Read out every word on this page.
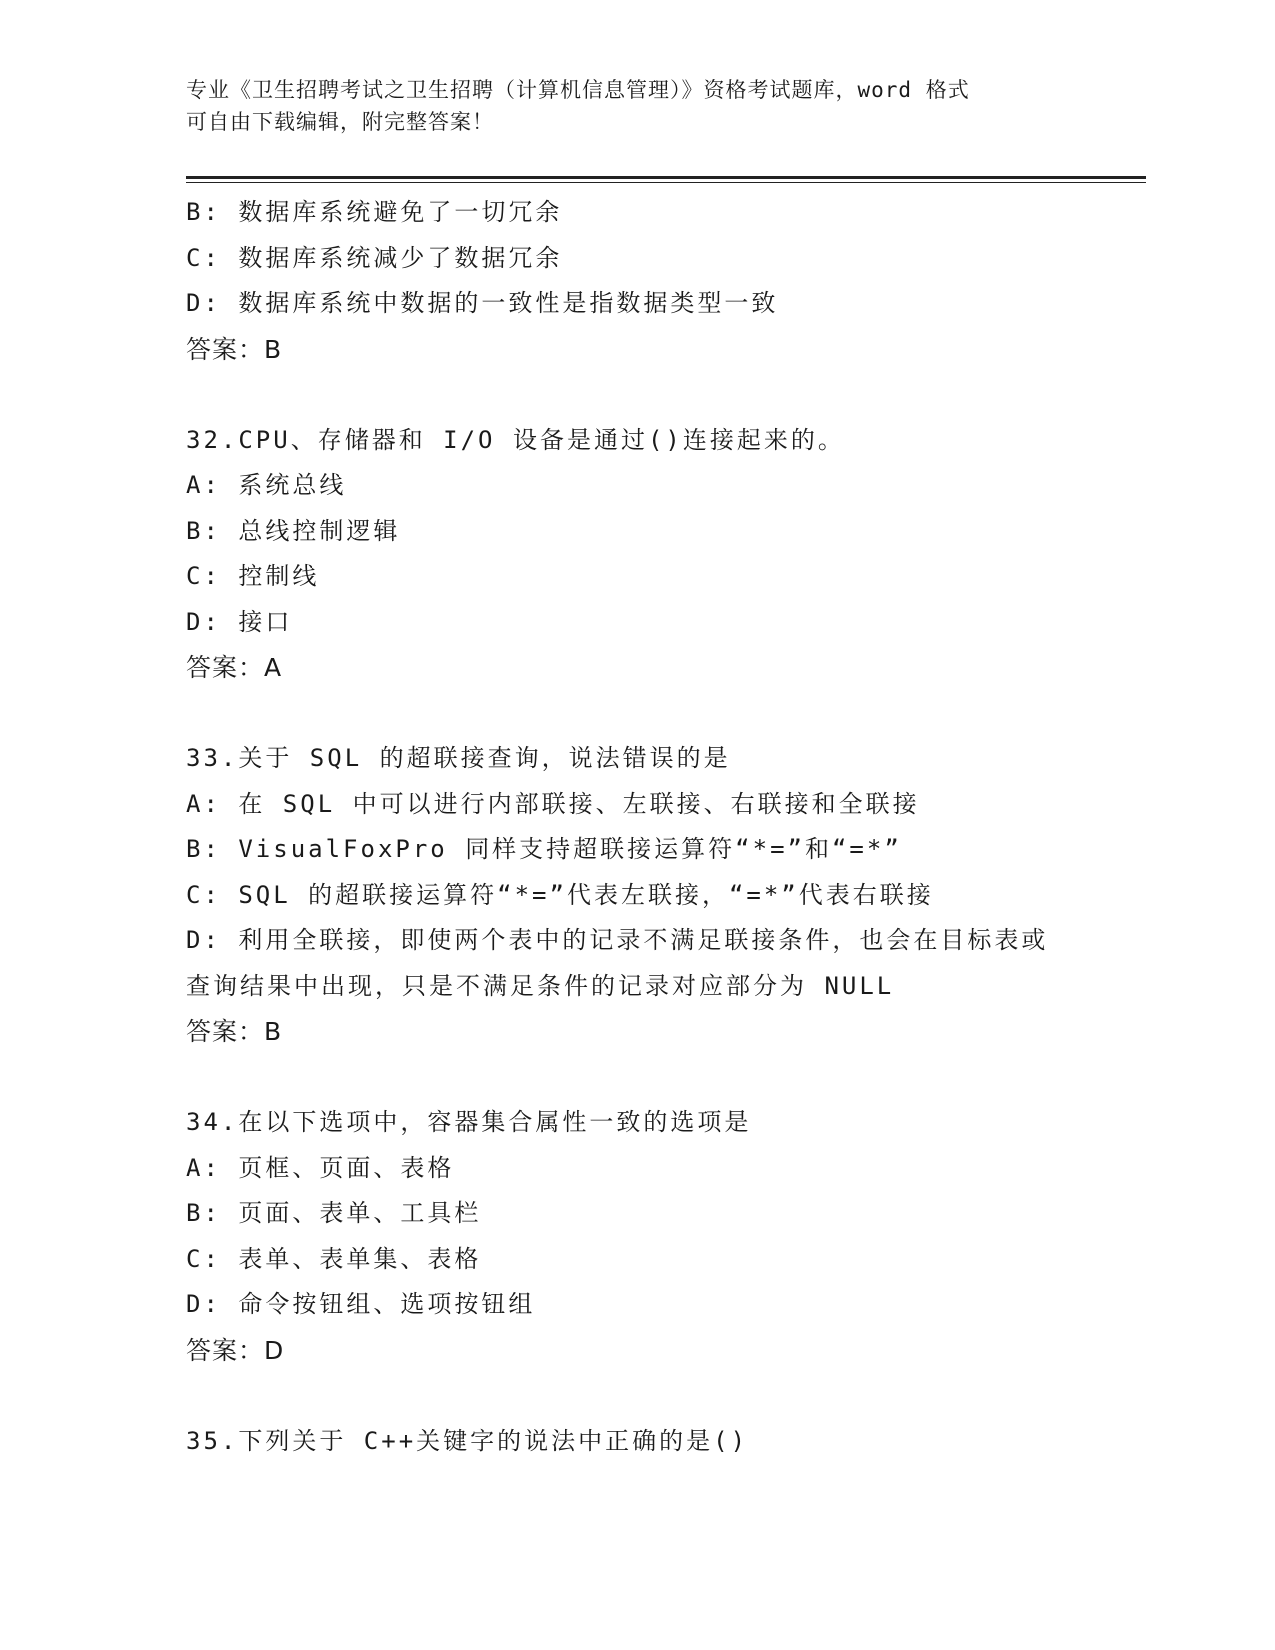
专业《卫生招聘考试之卫生招聘（计算机信息管理）》资格考试题库，word 格式
可自由下载编辑，附完整答案！
B: 数据库系统避免了一切冗余
C: 数据库系统减少了数据冗余
D: 数据库系统中数据的一致性是指数据类型一致
答案：B
32.CPU、存储器和 I/O 设备是通过()连接起来的。
A: 系统总线
B: 总线控制逻辑
C: 控制线
D: 接口
答案：A
33.关于 SQL 的超联接查询，说法错误的是
A: 在 SQL 中可以进行内部联接、左联接、右联接和全联接
B: VisualFoxPro 同样支持超联接运算符“*=”和“=*”
C: SQL 的超联接运算符“*=”代表左联接，“=*”代表右联接
D: 利用全联接，即使两个表中的记录不满足联接条件，也会在目标表或查询结果中出现，只是不满足条件的记录对应部分为 NULL
答案：B
34.在以下选项中，容器集合属性一致的选项是
A: 页框、页面、表格
B: 页面、表单、工具栏
C: 表单、表单集、表格
D: 命令按钮组、选项按钮组
答案：D
35.下列关于 C++关键字的说法中正确的是()
